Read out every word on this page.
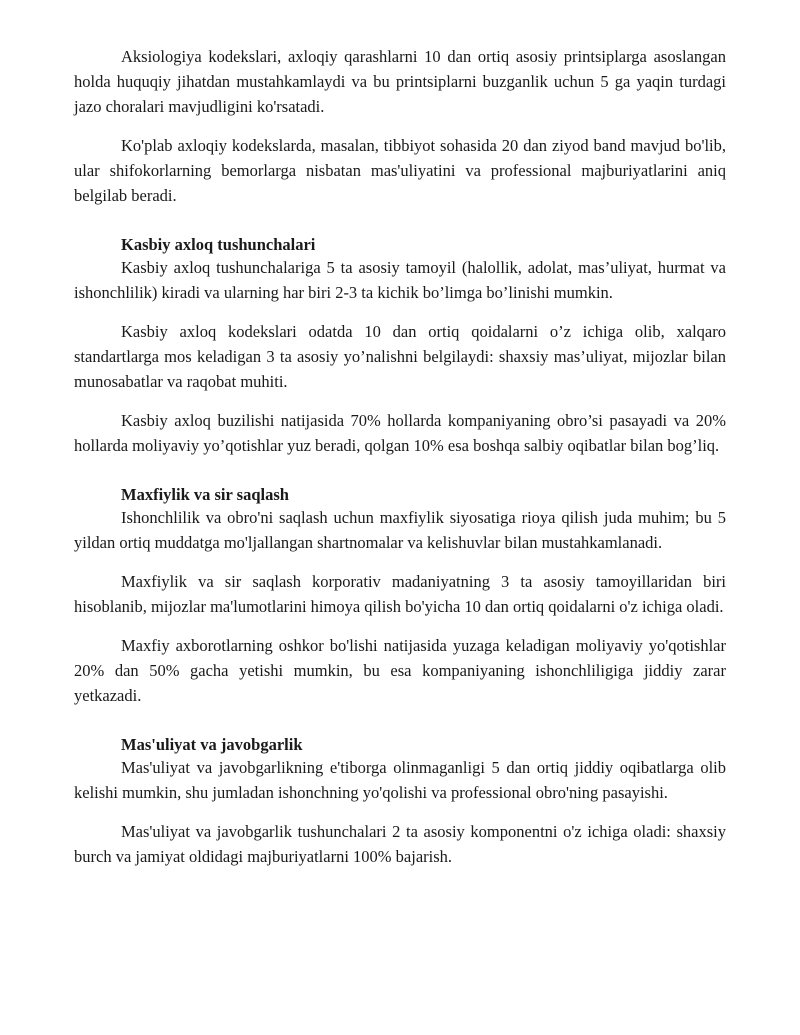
Aksiologiya kodekslari, axloqiy qarashlarni 10 dan ortiq asosiy printsiplarga asoslangan holda huquqiy jihatdan mustahkamlaydi va bu printsiplarni buzganlik uchun 5 ga yaqin turdagi jazo choralari mavjudligini ko'rsatadi.

Ko'plab axloqiy kodekslarda, masalan, tibbiyot sohasida 20 dan ziyod band mavjud bo'lib, ular shifokorlarning bemorlarga nisbatan mas'uliyatini va professional majburiyatlarini aniq belgilab beradi.

Kasbiy axloq tushunchalari

Kasbiy axloq tushunchalariga 5 ta asosiy tamoyil (halollik, adolat, mas’uliyat, hurmat va ishonchlilik) kiradi va ularning har biri 2-3 ta kichik bo’limga bo’linishi mumkin.

Kasbiy axloq kodekslari odatda 10 dan ortiq qoidalarni o’z ichiga olib, xalqaro standartlarga mos keladigan 3 ta asosiy yo’nalishni belgilaydi: shaxsiy mas’uliyat, mijozlar bilan munosabatlar va raqobat muhiti.

Kasbiy axloq buzilishi natijasida 70% hollarda kompaniyaning obro’si pasayadi va 20% hollarda moliyaviy yo’qotishlar yuz beradi, qolgan 10% esa boshqa salbiy oqibatlar bilan bog’liq.

Maxfiylik va sir saqlash

Ishonchlilik va obro'ni saqlash uchun maxfiylik siyosatiga rioya qilish juda muhim; bu 5 yildan ortiq muddatga mo'ljallangan shartnomalar va kelishuvlar bilan mustahkamlanadi.

Maxfiylik va sir saqlash korporativ madaniyatning 3 ta asosiy tamoyillaridan biri hisoblanib, mijozlar ma'lumotlarini himoya qilish bo'yicha 10 dan ortiq qoidalarni o'z ichiga oladi.

Maxfiy axborotlarning oshkor bo'lishi natijasida yuzaga keladigan moliyaviy yo'qotishlar 20% dan 50% gacha yetishi mumkin, bu esa kompaniyaning ishonchliligiga jiddiy zarar yetkazadi.

Mas'uliyat va javobgarlik

Mas'uliyat va javobgarlikning e'tiborga olinmaganligi 5 dan ortiq jiddiy oqibatlarga olib kelishi mumkin, shu jumladan ishonchning yo'qolishi va professional obro'ning pasayishi.

Mas'uliyat va javobgarlik tushunchalari 2 ta asosiy komponentni o'z ichiga oladi: shaxsiy burch va jamiyat oldidagi majburiyatlarni 100% bajarish.
